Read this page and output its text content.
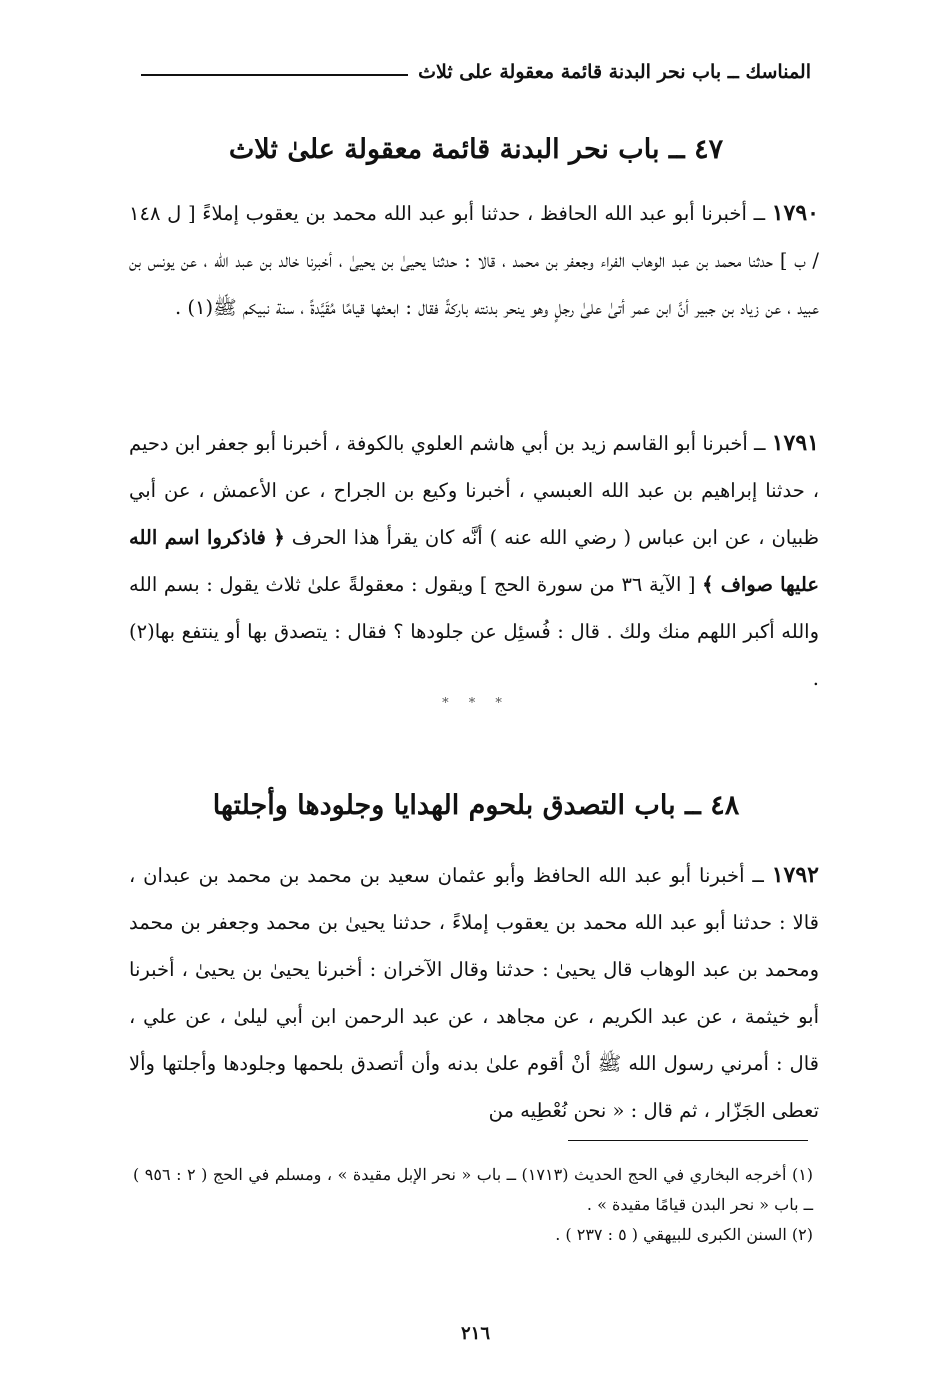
المناسك ــ باب نحر البدنة قائمة معقولة على ثلاث
٤٧ ــ باب نحر البدنة قائمة معقولة علىٰ ثلاث

١٧٩٠ ــ أخبرنا أبو عبد الله الحافظ ، حدثنا أبو عبد الله محمد بن يعقوب إملاءً [ ل ١٤٨ / ب ] حدثنا محمد بن عبد الوهاب الفراء وجعفر بن محمد ، قالا : حدثنا يحيىٰ بن يحيىٰ ، أخبرنا خالد بن عبد الله ، عن يونس بن عبيد ، عن زياد بن جبير أنَّ ابن عمر أتىٰ علىٰ رجلٍ وهو ينحر بدنته باركةً فقال : ابعثها قيامًا مُقَيَّدةً ، سنة نبيكم ﷺ(١) .

١٧٩١ ــ أخبرنا أبو القاسم زيد بن أبي هاشم العلوي بالكوفة ، أخبرنا أبو جعفر ابن دحيم ، حدثنا إبراهيم بن عبد الله العبسي ، أخبرنا وكيع بن الجراح ، عن الأعمش ، عن أبي ظبيان ، عن ابن عباس ( رضي الله عنه ) أنَّه كان يقرأ هذا الحرف ﴿ فاذكروا اسم الله عليها صواف ﴾ [ الآية ٣٦ من سورة الحج ] ويقول : معقولةً علىٰ ثلاث يقول : بسم الله والله أكبر اللهم منك ولك . قال : فُسئِل عن جلودها ؟ فقال : يتصدق بها أو ينتفع بها(٢) .

* * *
٤٨ ــ باب التصدق بلحوم الهدايا وجلودها وأجلتها

١٧٩٢ ــ أخبرنا أبو عبد الله الحافظ وأبو عثمان سعيد بن محمد بن محمد بن عبدان ، قالا : حدثنا أبو عبد الله محمد بن يعقوب إملاءً ، حدثنا يحيىٰ بن محمد وجعفر بن محمد ومحمد بن عبد الوهاب قال يحيىٰ : حدثنا وقال الآخران : أخبرنا يحيىٰ بن يحيىٰ ، أخبرنا أبو خيثمة ، عن عبد الكريم ، عن مجاهد ، عن عبد الرحمن ابن أبي ليلىٰ ، عن علي ، قال : أمرني رسول الله ﷺ أنْ أقوم علىٰ بدنه وأن أتصدق بلحمها وجلودها وأجلتها وألا تعطى الجَزّار ، ثم قال : « نحن نُعْطِيه من

(١) أخرجه البخاري في الحج الحديث (١٧١٣) ــ باب « نحر الإبل مقيدة » ، ومسلم في الحج ( ٢ : ٩٥٦ ) ــ باب « نحر البدن قيامًا مقيدة » .

(٢) السنن الكبرى للبيهقي ( ٥ : ٢٣٧ ) .

٢١٦
